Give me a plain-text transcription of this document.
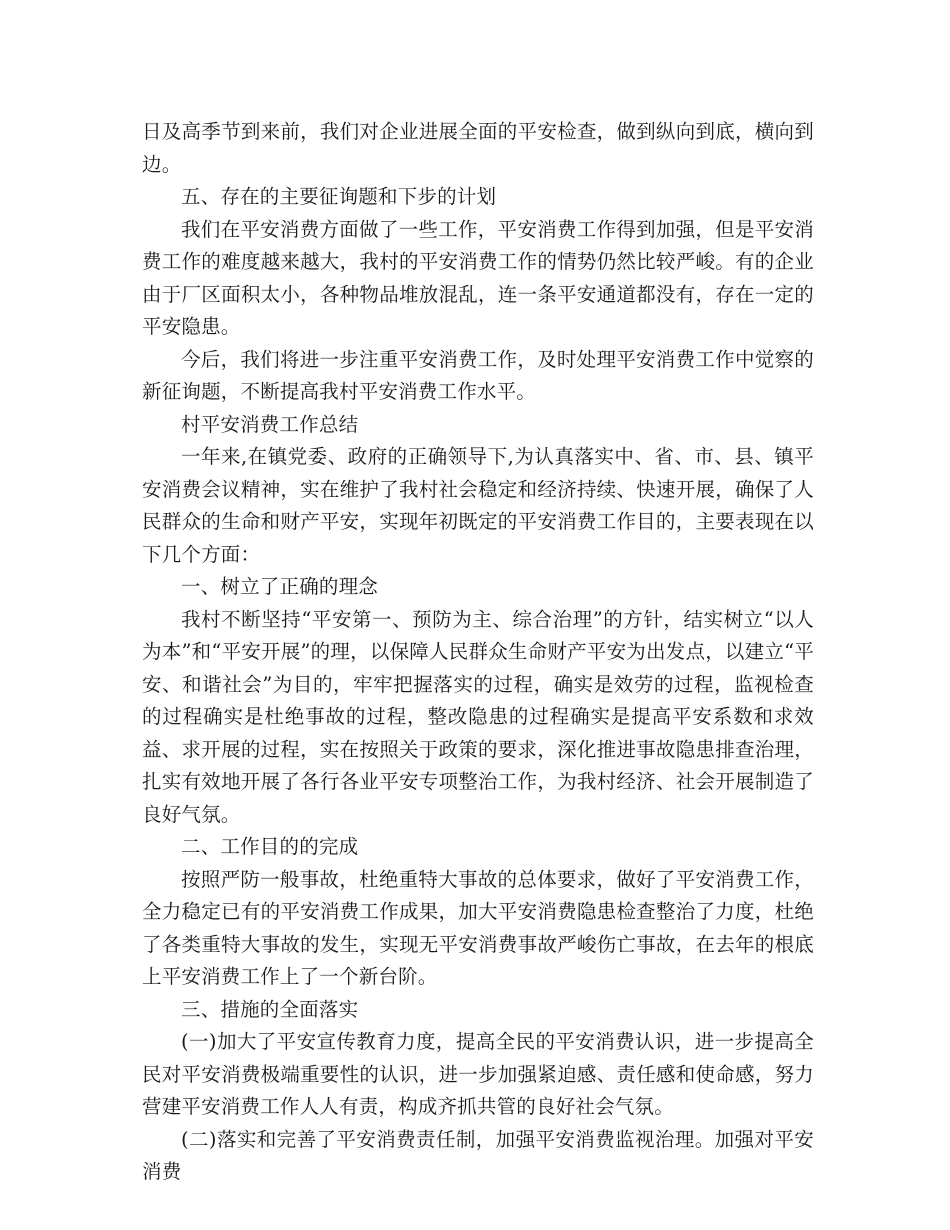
日及高季节到来前，我们对企业进展全面的平安检查，做到纵向到底，横向到边。

五、存在的主要征询题和下步的计划

我们在平安消费方面做了一些工作，平安消费工作得到加强，但是平安消费工作的难度越来越大，我村的平安消费工作的情势仍然比较严峻。有的企业由于厂区面积太小，各种物品堆放混乱，连一条平安通道都没有，存在一定的平安隐患。

今后，我们将进一步注重平安消费工作，及时处理平安消费工作中觉察的新征询题，不断提高我村平安消费工作水平。

村平安消费工作总结

一年来,在镇党委、政府的正确领导下,为认真落实中、省、市、县、镇平安消费会议精神，实在维护了我村社会稳定和经济持续、快速开展，确保了人民群众的生命和财产平安，实现年初既定的平安消费工作目的，主要表现在以下几个方面：

一、树立了正确的理念

我村不断坚持“平安第一、预防为主、综合治理”的方针，结实树立“以人为本”和“平安开展”的理，以保障人民群众生命财产平安为出发点，以建立“平安、和谐社会”为目的，牢牢把握落实的过程，确实是效劳的过程，监视检查的过程确实是杜绝事故的过程，整改隐患的过程确实是提高平安系数和求效益、求开展的过程，实在按照关于政策的要求，深化推进事故隐患排查治理，扎实有效地开展了各行各业平安专项整治工作，为我村经济、社会开展制造了良好气氛。

二、工作目的的完成

按照严防一般事故，杜绝重特大事故的总体要求，做好了平安消费工作，全力稳定已有的平安消费工作成果，加大平安消费隐患检查整治了力度，杜绝了各类重特大事故的发生，实现无平安消费事故严峻伤亡事故，在去年的根底上平安消费工作上了一个新台阶。

三、措施的全面落实

(一)加大了平安宣传教育力度，提高全民的平安消费认识，进一步提高全民对平安消费极端重要性的认识，进一步加强紧迫感、责任感和使命感，努力营建平安消费工作人人有责，构成齐抓共管的良好社会气氛。

(二)落实和完善了平安消费责任制，加强平安消费监视治理。加强对平安消费
